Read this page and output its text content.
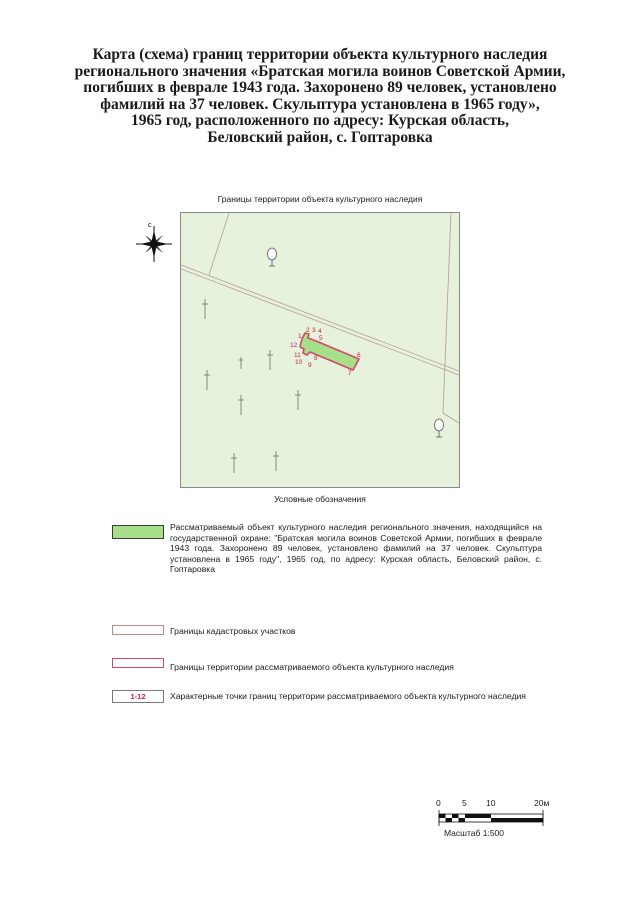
Карта (схема) границ территории объекта культурного наследия
регионального значения «Братская могила воинов Советской Армии,
погибших в феврале 1943 года. Захоронено 89 человек, установлено
фамилий на 37 человек. Скульптура установлена в 1965 году»,
1965 год, расположенного по адресу: Курская область,
Беловский район, с. Гоптаровка
Границы территории объекта культурного наследия
с
1
2 3 4
5
6
7
8
9
10
11
12
Условные обозначения
Рассматриваемый объект культурного наследия регионального значения, находящийся на государственной охране: "Братская могила воинов Советской Армии, погибших в феврале 1943 года. Захоронено 89 человек, установлено фамилий на 37 человек. Скульптура установлена в 1965 году", 1965 год, по адресу: Курская область, Беловский район, с. Гоптаровка
Границы кадастровых участков
Границы территории рассматриваемого объекта культурного наследия
1-12	Характерные точки границ территории рассматриваемого объекта культурного наследия
0	5 10	20м
Масштаб 1:500
